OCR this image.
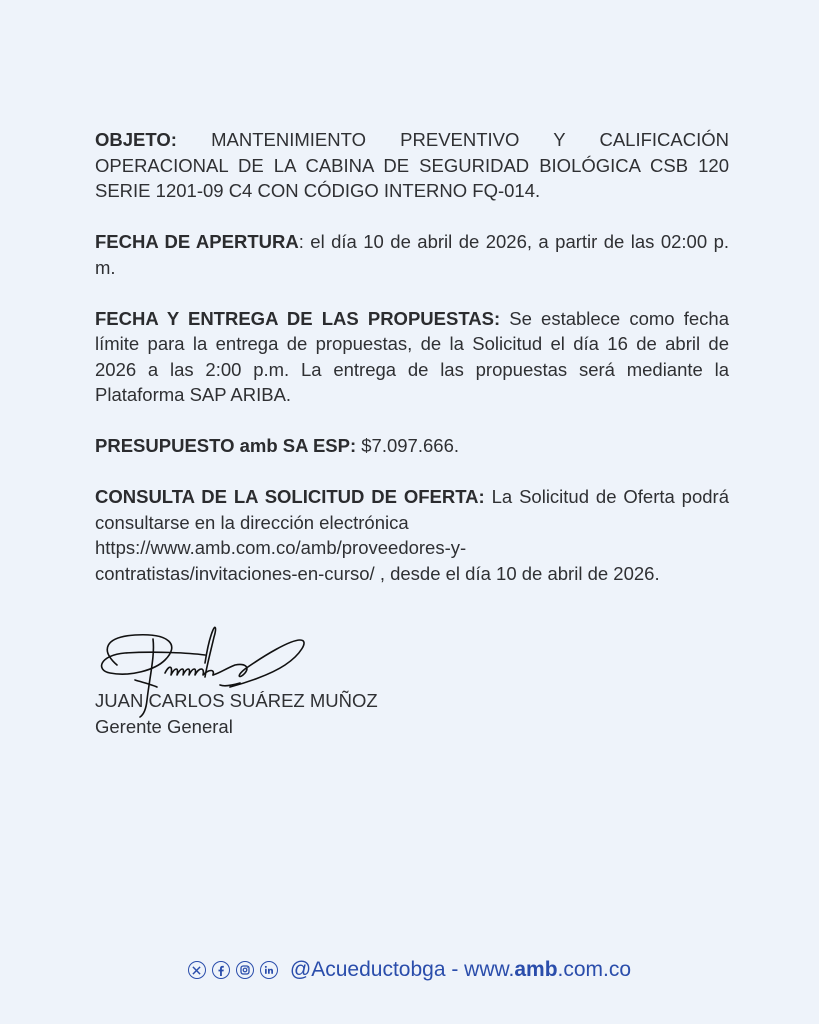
OBJETO: MANTENIMIENTO PREVENTIVO Y CALIFICACIÓN OPERACIONAL DE LA CABINA DE SEGURIDAD BIOLÓGICA CSB 120 SERIE 1201-09 C4 CON CÓDIGO INTERNO FQ-014.

FECHA DE APERTURA: el día 10 de abril de 2026, a partir de las 02:00 p. m.

FECHA Y ENTREGA DE LAS PROPUESTAS: Se establece como fecha límite para la entrega de propuestas, de la Solicitud el día 16 de abril de 2026 a las 2:00 p.m. La entrega de las propuestas será mediante la Plataforma SAP ARIBA.

PRESUPUESTO amb SA ESP: $7.097.666.

CONSULTA DE LA SOLICITUD DE OFERTA: La Solicitud de Oferta podrá consultarse en la dirección electrónica

https://www.amb.com.co/amb/proveedores-y-
contratistas/invitaciones-en-curso/ , desde el día 10 de abril de 2026.
JUAN CARLOS SUÁREZ MUÑOZ
Gerente General
@Acueductobga - www.amb.com.co
